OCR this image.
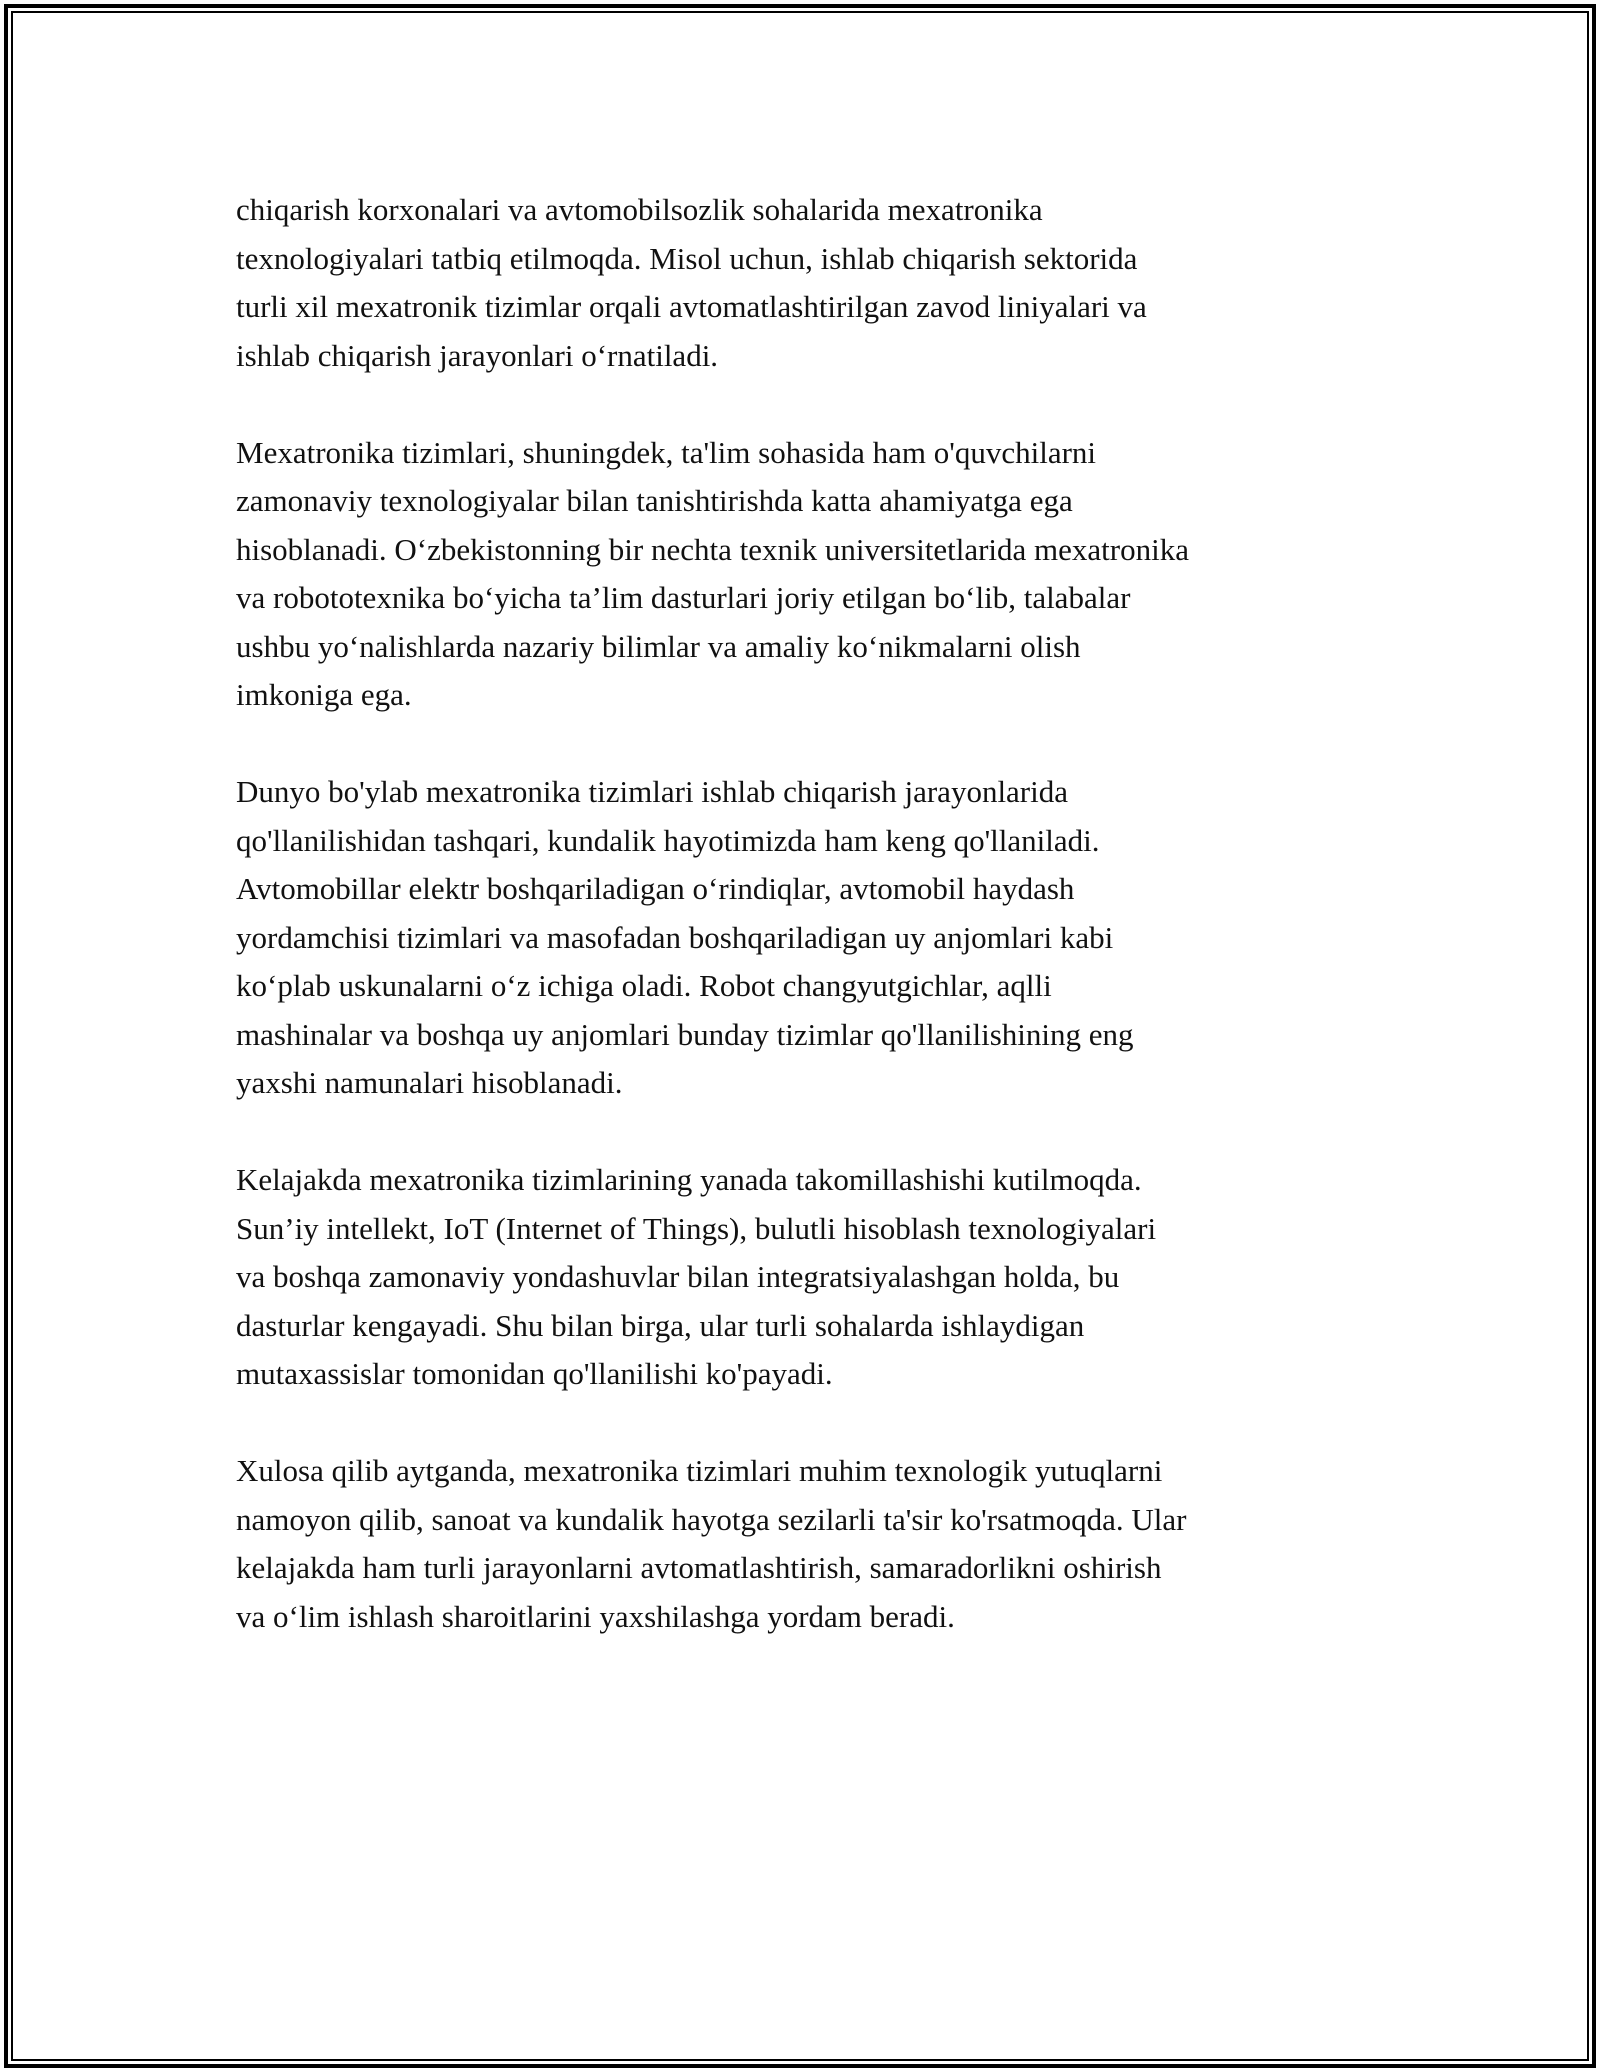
chiqarish korxonalari va avtomobilsozlik sohalarida mexatronika
texnologiyalari tatbiq etilmoqda. Misol uchun, ishlab chiqarish sektorida
turli xil mexatronik tizimlar orqali avtomatlashtirilgan zavod liniyalari va
ishlab chiqarish jarayonlari oʻrnatiladi.

Mexatronika tizimlari, shuningdek, ta'lim sohasida ham o'quvchilarni
zamonaviy texnologiyalar bilan tanishtirishda katta ahamiyatga ega
hisoblanadi. Oʻzbekistonning bir nechta texnik universitetlarida mexatronika
va robototexnika boʻyicha ta’lim dasturlari joriy etilgan boʻlib, talabalar
ushbu yoʻnalishlarda nazariy bilimlar va amaliy koʻnikmalarni olish
imkoniga ega.

Dunyo bo'ylab mexatronika tizimlari ishlab chiqarish jarayonlarida
qo'llanilishidan tashqari, kundalik hayotimizda ham keng qo'llaniladi.
Avtomobillar elektr boshqariladigan oʻrindiqlar, avtomobil haydash
yordamchisi tizimlari va masofadan boshqariladigan uy anjomlari kabi
koʻplab uskunalarni oʻz ichiga oladi. Robot changyutgichlar, aqlli
mashinalar va boshqa uy anjomlari bunday tizimlar qo'llanilishining eng
yaxshi namunalari hisoblanadi.

Kelajakda mexatronika tizimlarining yanada takomillashishi kutilmoqda.
Sun’iy intellekt, IoT (Internet of Things), bulutli hisoblash texnologiyalari
va boshqa zamonaviy yondashuvlar bilan integratsiyalashgan holda, bu
dasturlar kengayadi. Shu bilan birga, ular turli sohalarda ishlaydigan
mutaxassislar tomonidan qo'llanilishi ko'payadi.

Xulosa qilib aytganda, mexatronika tizimlari muhim texnologik yutuqlarni
namoyon qilib, sanoat va kundalik hayotga sezilarli ta'sir ko'rsatmoqda. Ular
kelajakda ham turli jarayonlarni avtomatlashtirish, samaradorlikni oshirish
va oʻlim ishlash sharoitlarini yaxshilashga yordam beradi.
